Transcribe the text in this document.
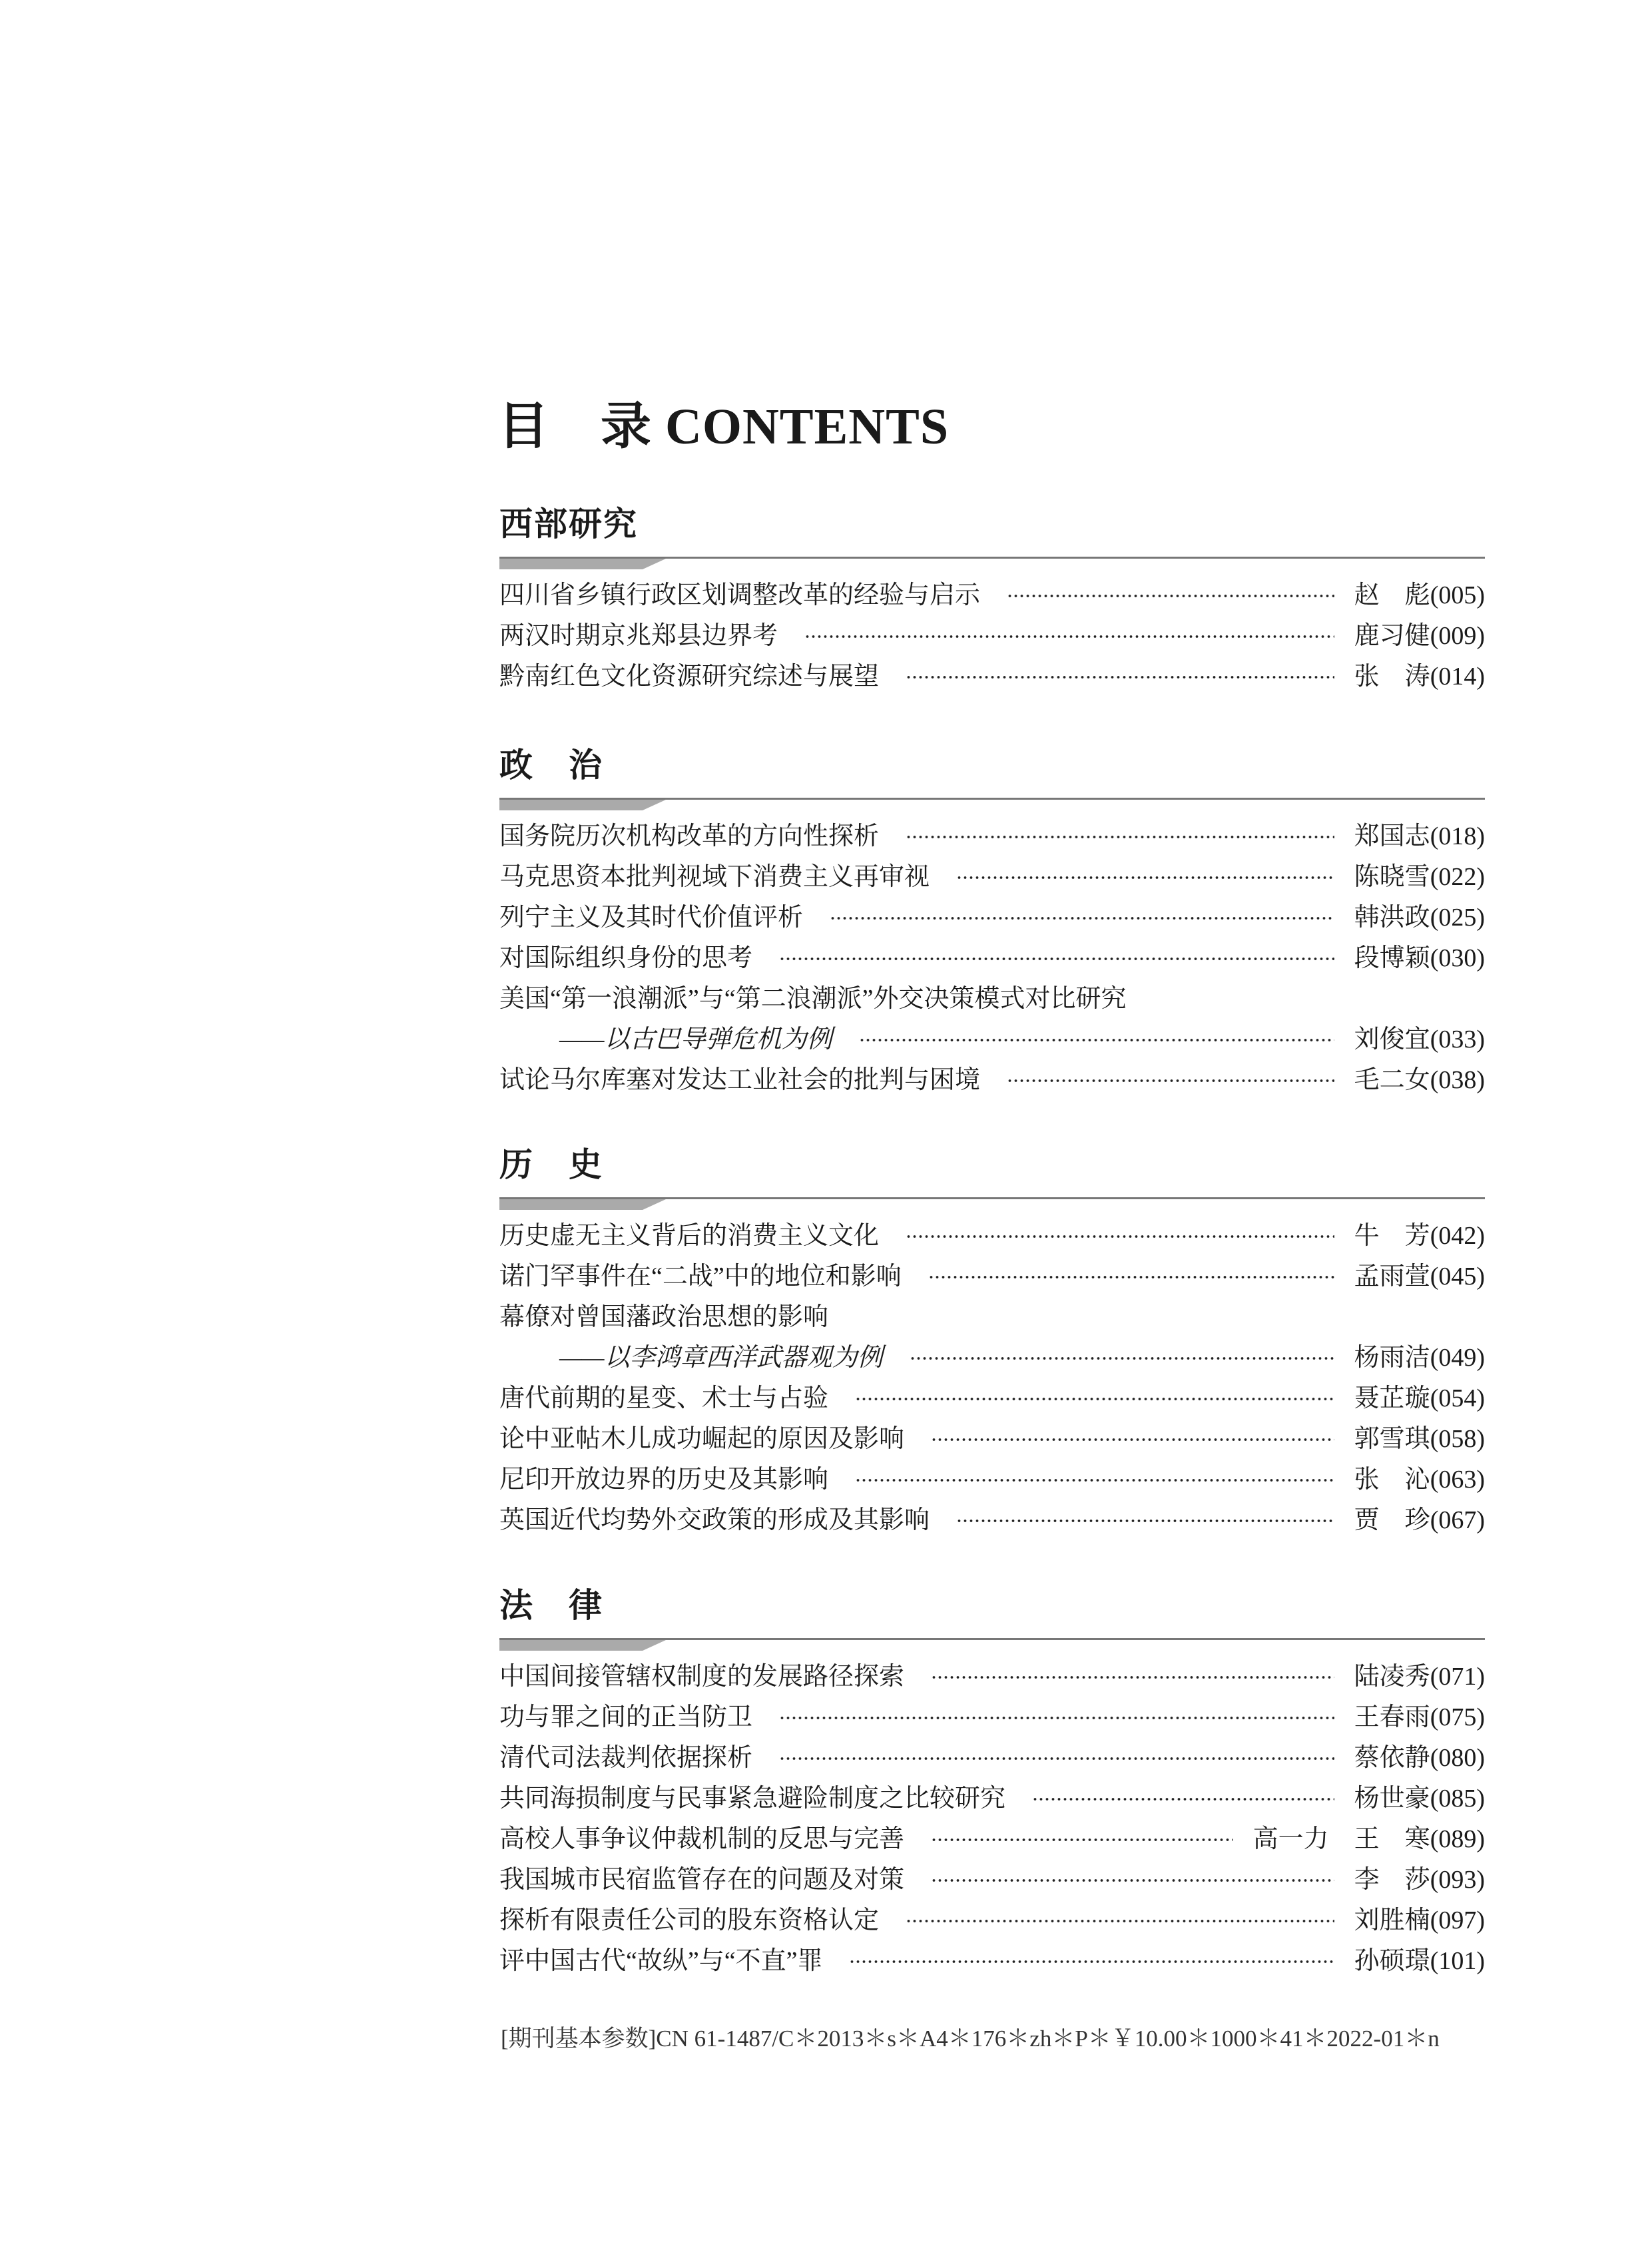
目　录 CONTENTS
西部研究
四川省乡镇行政区划调整改革的经验与启示	赵　彪 (005)
两汉时期京兆郑县边界考	鹿习健 (009)
黔南红色文化资源研究综述与展望	张　涛 (014)
政　治
国务院历次机构改革的方向性探析	郑国志 (018)
马克思资本批判视域下消费主义再审视	陈晓雪 (022)
列宁主义及其时代价值评析	韩洪政 (025)
对国际组织身份的思考	段博颖 (030)
美国“第一浪潮派”与“第二浪潮派”外交决策模式对比研究
——以古巴导弹危机为例	刘俊宜 (033)
试论马尔库塞对发达工业社会的批判与困境	毛二女 (038)
历　史
历史虚无主义背后的消费主义文化	牛　芳 (042)
诺门罕事件在“二战”中的地位和影响	孟雨萱 (045)
幕僚对曾国藩政治思想的影响
——以李鸿章西洋武器观为例	杨雨洁 (049)
唐代前期的星变、术士与占验	聂芷璇 (054)
论中亚帖木儿成功崛起的原因及影响	郭雪琪 (058)
尼印开放边界的历史及其影响	张　沁 (063)
英国近代均势外交政策的形成及其影响	贾　珍 (067)
法　律
中国间接管辖权制度的发展路径探索	陆凌秀 (071)
功与罪之间的正当防卫	王春雨 (075)
清代司法裁判依据探析	蔡依静 (080)
共同海损制度与民事紧急避险制度之比较研究	杨世豪 (085)
高校人事争议仲裁机制的反思与完善	高一力　王　寒 (089)
我国城市民宿监管存在的问题及对策	李　莎 (093)
探析有限责任公司的股东资格认定	刘胜楠 (097)
评中国古代“故纵”与“不直”罪	孙硕璟 (101)
[期刊基本参数]CN 61-1487/C＊2013＊s＊A4＊176＊zh＊P＊￥10.00＊1000＊41＊2022-01＊n
